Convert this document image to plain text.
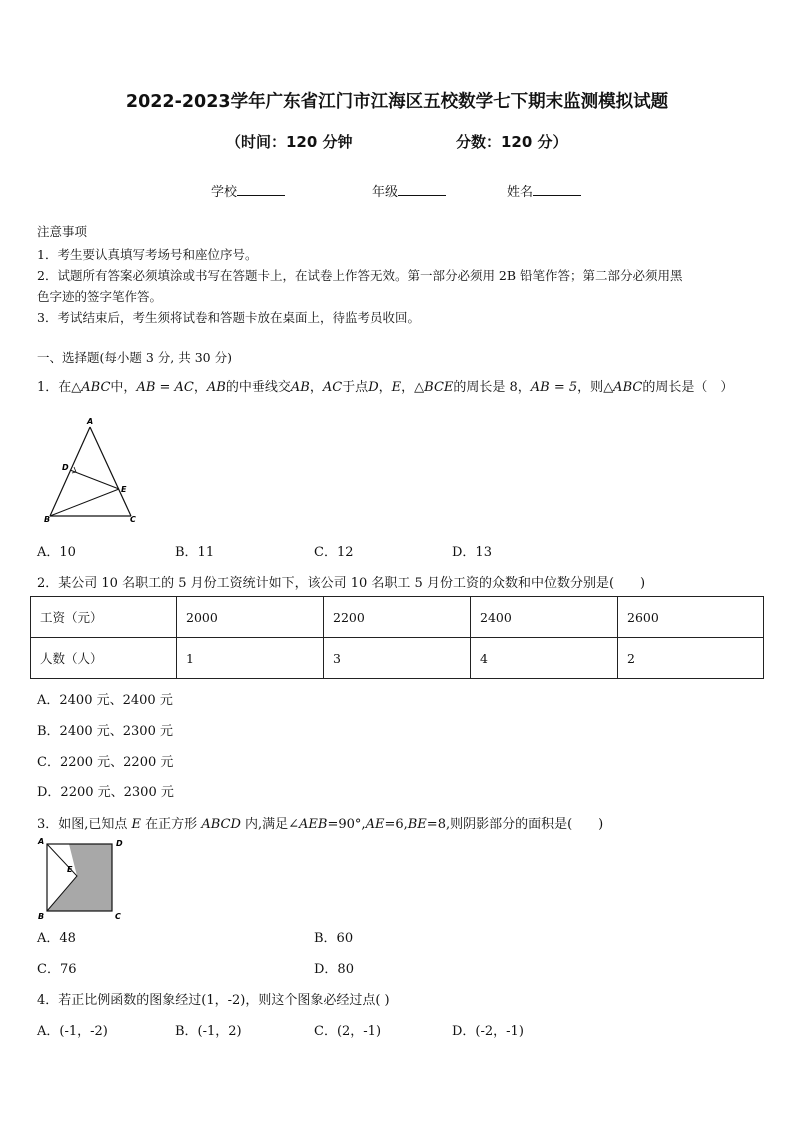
2022-2023学年广东省江门市江海区五校数学七下期末监测模拟试题
（时间：120 分钟	分数：120 分）
学校	年级	姓名
注意事项
1．考生要认真填写考场号和座位序号。
2．试题所有答案必须填涂或书写在答题卡上，在试卷上作答无效。第一部分必须用 2B 铅笔作答；第二部分必须用黑
色字迹的签字笔作答。
3．考试结束后，考生须将试卷和答题卡放在桌面上，待监考员收回。
一、选择题(每小题 3 分, 共 30 分)
1．在△ABC中，AB = AC，AB的中垂线交AB，AC于点D，E，△BCE的周长是 8，AB = 5，则△ABC的周长是（　）
A
D
E
B	C
A．10	B．11	C．12	D．13
2．某公司 10 名职工的 5 月份工资统计如下，该公司 10 名职工 5 月份工资的众数和中位数分别是(　　)
工资（元）	2000	2200	2400	2600
人数（人）	1	3	4	2
A．2400 元、2400 元
B．2400 元、2300 元
C．2200 元、2200 元
D．2200 元、2300 元
3．如图,已知点 E 在正方形 ABCD 内,满足∠AEB=90°,AE=6,BE=8,则阴影部分的面积是(　　)
A	D
E
B	C
A．48	B．60
C．76	D．80
4．若正比例函数的图象经过(1，-2)，则这个图象必经过点( )
A．(-1，-2)	B．(-1，2)	C．(2，-1)	D．(-2，-1)
